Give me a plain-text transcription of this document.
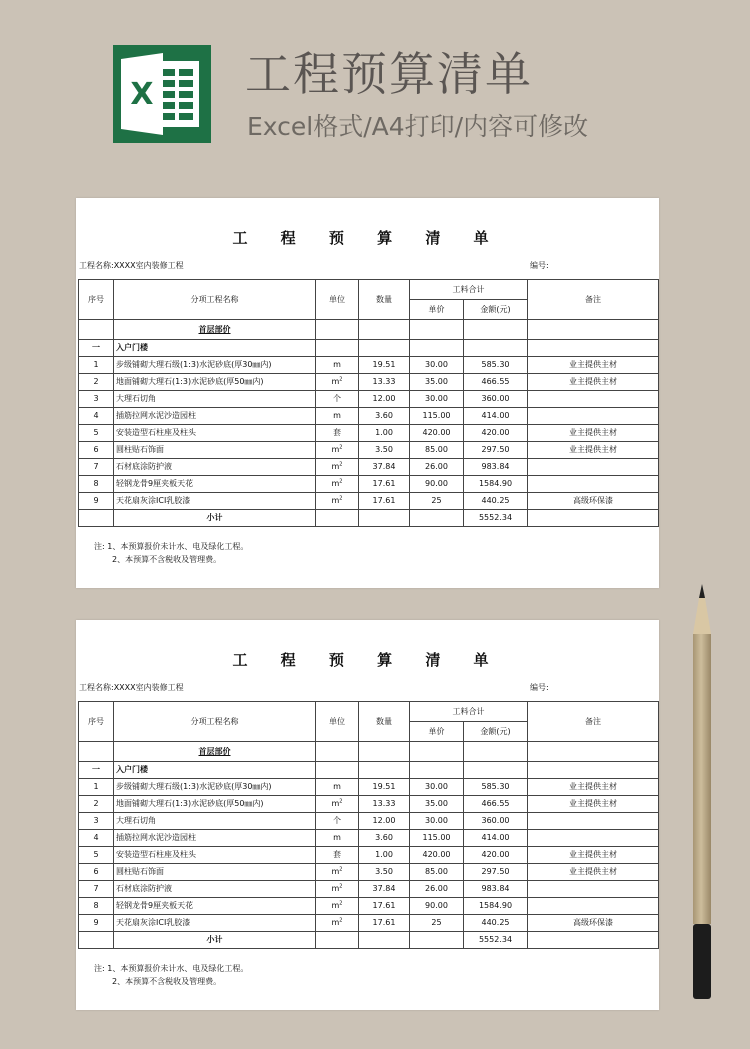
X 工程预算清单
Excel格式/A4打印/内容可修改
工 程 预 算 清 单
工程名称:XXXX室内装修工程	编号:
序号	分项工程名称	单位	数量	工料合计		备注
				单价	金额(元)	
	首层部价					
一	入户门楼					
1	步级铺砌大理石级(1:3)水泥砂底(厚30㎜内)	m	19.51	30.00	585.30	业主提供主材
2	地面铺砌大理石(1:3)水泥砂底(厚50㎜内)	$m^2$	13.33	35.00	466.55	业主提供主材
3	大理石切角	个	12.00	30.00	360.00	
4	插筋拉网水泥沙造园柱	m	3.60	115.00	414.00	
5	安装造型石柱座及柱头	套	1.00	420.00	420.00	业主提供主材
6	圆柱贴石饰面	$m^2$	3.50	85.00	297.50	业主提供主材
7	石材底涂防护液	$m^2$	37.84	26.00	983.84	
8	轻钢龙骨9厘夹板天花	$m^2$	17.61	90.00	1584.90	
9	天花扇灰涂ICI乳胶漆	$m^2$	17.61	25	440.25	高级环保漆
	小计				5552.34	
注: 1、本预算报价未计水、电及绿化工程。
2、本预算不含税收及管理费。
工 程 预 算 清 单
工程名称:XXXX室内装修工程	编号:
序号	分项工程名称	单位	数量	工料合计		备注
				单价	金额(元)	
	首层部价					
一	入户门楼					
1	步级铺砌大理石级(1:3)水泥砂底(厚30㎜内)	m	19.51	30.00	585.30	业主提供主材
2	地面铺砌大理石(1:3)水泥砂底(厚50㎜内)	$m^2$	13.33	35.00	466.55	业主提供主材
3	大理石切角	个	12.00	30.00	360.00	
4	插筋拉网水泥沙造园柱	m	3.60	115.00	414.00	
5	安装造型石柱座及柱头	套	1.00	420.00	420.00	业主提供主材
6	圆柱贴石饰面	$m^2$	3.50	85.00	297.50	业主提供主材
7	石材底涂防护液	$m^2$	37.84	26.00	983.84	
8	轻钢龙骨9厘夹板天花	$m^2$	17.61	90.00	1584.90	
9	天花扇灰涂ICI乳胶漆	$m^2$	17.61	25	440.25	高级环保漆
	小计				5552.34	
注: 1、本预算报价未计水、电及绿化工程。
2、本预算不含税收及管理费。
